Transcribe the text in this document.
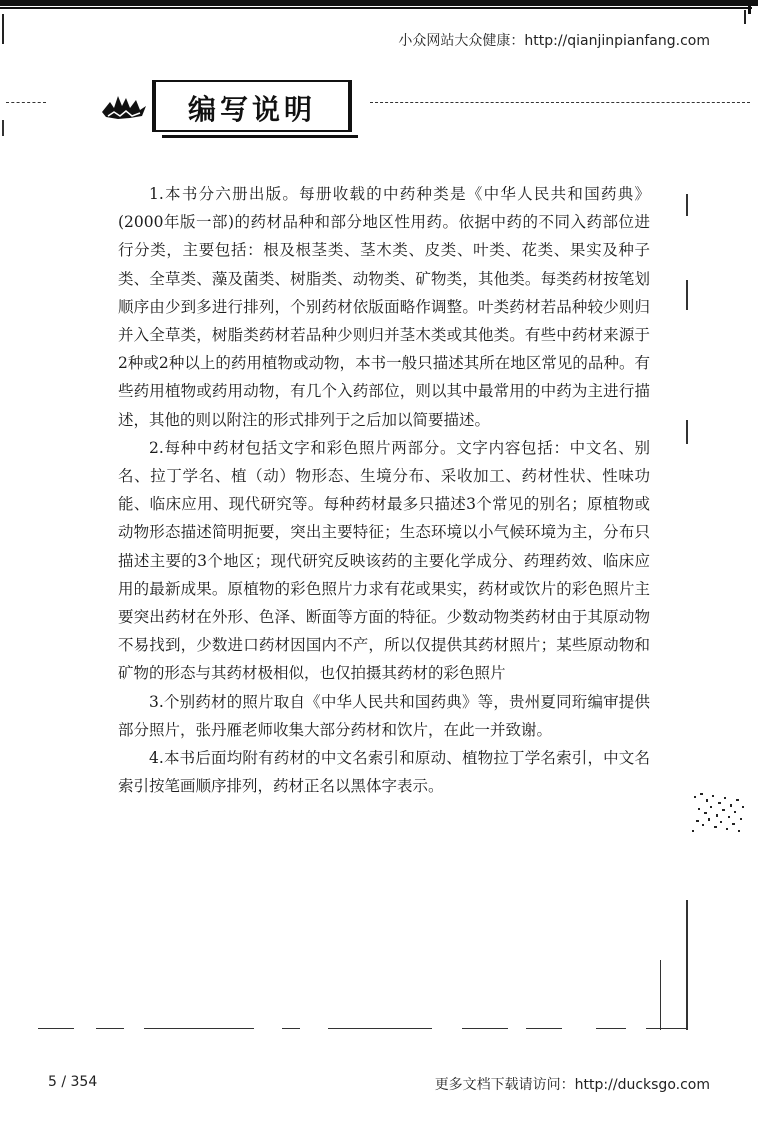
小众网站大众健康：http://qianjinpianfang.com
编写说明

1.本书分六册出版。每册收载的中药种类是《中华人民共和国药典》(2000年版一部)的药材品种和部分地区性用药。依据中药的不同入药部位进行分类，主要包括：根及根茎类、茎木类、皮类、叶类、花类、果实及种子类、全草类、藻及菌类、树脂类、动物类、矿物类，其他类。每类药材按笔划顺序由少到多进行排列，个别药材依版面略作调整。叶类药材若品种较少则归并入全草类，树脂类药材若品种少则归并茎木类或其他类。有些中药材来源于2种或2种以上的药用植物或动物，本书一般只描述其所在地区常见的品种。有些药用植物或药用动物，有几个入药部位，则以其中最常用的中药为主进行描述，其他的则以附注的形式排列于之后加以简要描述。

2.每种中药材包括文字和彩色照片两部分。文字内容包括：中文名、别名、拉丁学名、植（动）物形态、生境分布、采收加工、药材性状、性味功能、临床应用、现代研究等。每种药材最多只描述3个常见的别名；原植物或动物形态描述简明扼要，突出主要特征；生态环境以小气候环境为主，分布只描述主要的3个地区；现代研究反映该药的主要化学成分、药理药效、临床应用的最新成果。原植物的彩色照片力求有花或果实，药材或饮片的彩色照片主要突出药材在外形、色泽、断面等方面的特征。少数动物类药材由于其原动物不易找到，少数进口药材因国内不产，所以仅提供其药材照片；某些原动物和矿物的形态与其药材极相似，也仅拍摄其药材的彩色照片

3.个别药材的照片取自《中华人民共和国药典》等，贵州夏同珩编审提供部分照片，张丹雁老师收集大部分药材和饮片，在此一并致谢。

4.本书后面均附有药材的中文名索引和原动、植物拉丁学名索引，中文名索引按笔画顺序排列，药材正名以黑体字表示。

5 / 354	更多文档下载请访问：http://ducksgo.com
